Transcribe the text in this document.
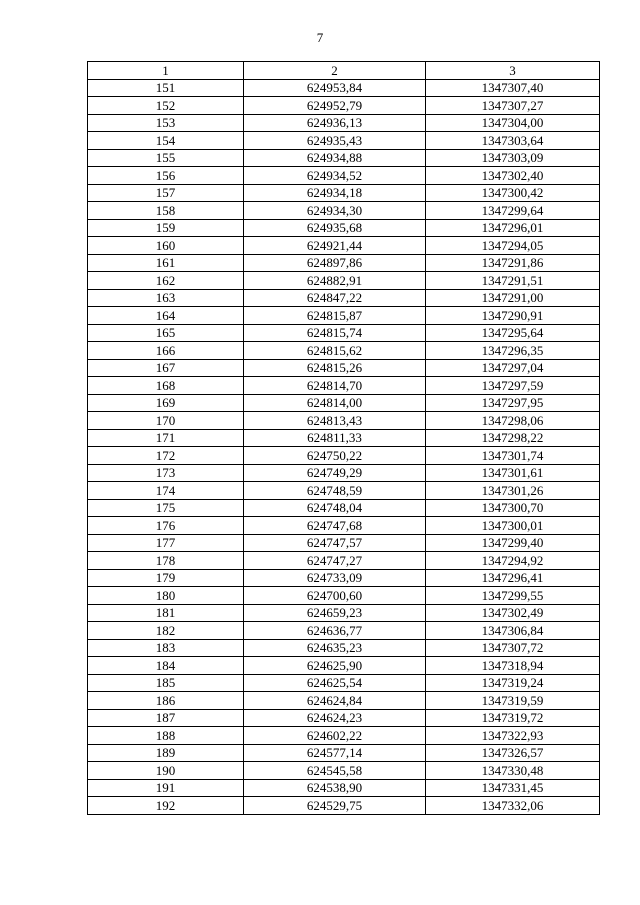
7
1	2	3
151	624953,84	1347307,40
152	624952,79	1347307,27
153	624936,13	1347304,00
154	624935,43	1347303,64
155	624934,88	1347303,09
156	624934,52	1347302,40
157	624934,18	1347300,42
158	624934,30	1347299,64
159	624935,68	1347296,01
160	624921,44	1347294,05
161	624897,86	1347291,86
162	624882,91	1347291,51
163	624847,22	1347291,00
164	624815,87	1347290,91
165	624815,74	1347295,64
166	624815,62	1347296,35
167	624815,26	1347297,04
168	624814,70	1347297,59
169	624814,00	1347297,95
170	624813,43	1347298,06
171	624811,33	1347298,22
172	624750,22	1347301,74
173	624749,29	1347301,61
174	624748,59	1347301,26
175	624748,04	1347300,70
176	624747,68	1347300,01
177	624747,57	1347299,40
178	624747,27	1347294,92
179	624733,09	1347296,41
180	624700,60	1347299,55
181	624659,23	1347302,49
182	624636,77	1347306,84
183	624635,23	1347307,72
184	624625,90	1347318,94
185	624625,54	1347319,24
186	624624,84	1347319,59
187	624624,23	1347319,72
188	624602,22	1347322,93
189	624577,14	1347326,57
190	624545,58	1347330,48
191	624538,90	1347331,45
192	624529,75	1347332,06
